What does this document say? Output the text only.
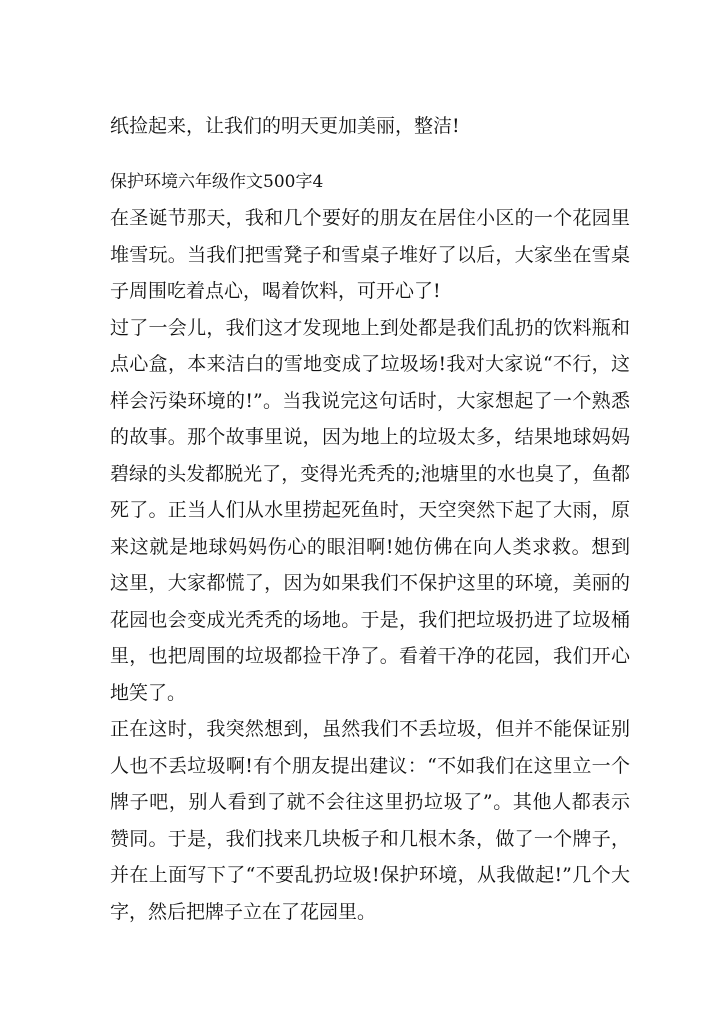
纸捡起来，让我们的明天更加美丽，整洁!

保护环境六年级作文500字4

在圣诞节那天，我和几个要好的朋友在居住小区的一个花园里堆雪玩。当我们把雪凳子和雪桌子堆好了以后，大家坐在雪桌子周围吃着点心，喝着饮料，可开心了!

过了一会儿，我们这才发现地上到处都是我们乱扔的饮料瓶和点心盒，本来洁白的雪地变成了垃圾场!我对大家说“不行，这样会污染环境的!”。当我说完这句话时，大家想起了一个熟悉的故事。那个故事里说，因为地上的垃圾太多，结果地球妈妈碧绿的头发都脱光了，变得光秃秃的;池塘里的水也臭了，鱼都死了。正当人们从水里捞起死鱼时，天空突然下起了大雨，原来这就是地球妈妈伤心的眼泪啊!她仿佛在向人类求救。想到这里，大家都慌了，因为如果我们不保护这里的环境，美丽的花园也会变成光秃秃的场地。于是，我们把垃圾扔进了垃圾桶里，也把周围的垃圾都捡干净了。看着干净的花园，我们开心地笑了。

正在这时，我突然想到，虽然我们不丢垃圾，但并不能保证别人也不丢垃圾啊!有个朋友提出建议：“不如我们在这里立一个牌子吧，别人看到了就不会往这里扔垃圾了”。其他人都表示赞同。于是，我们找来几块板子和几根木条，做了一个牌子，并在上面写下了“不要乱扔垃圾!保护环境，从我做起!”几个大字，然后把牌子立在了花园里。
